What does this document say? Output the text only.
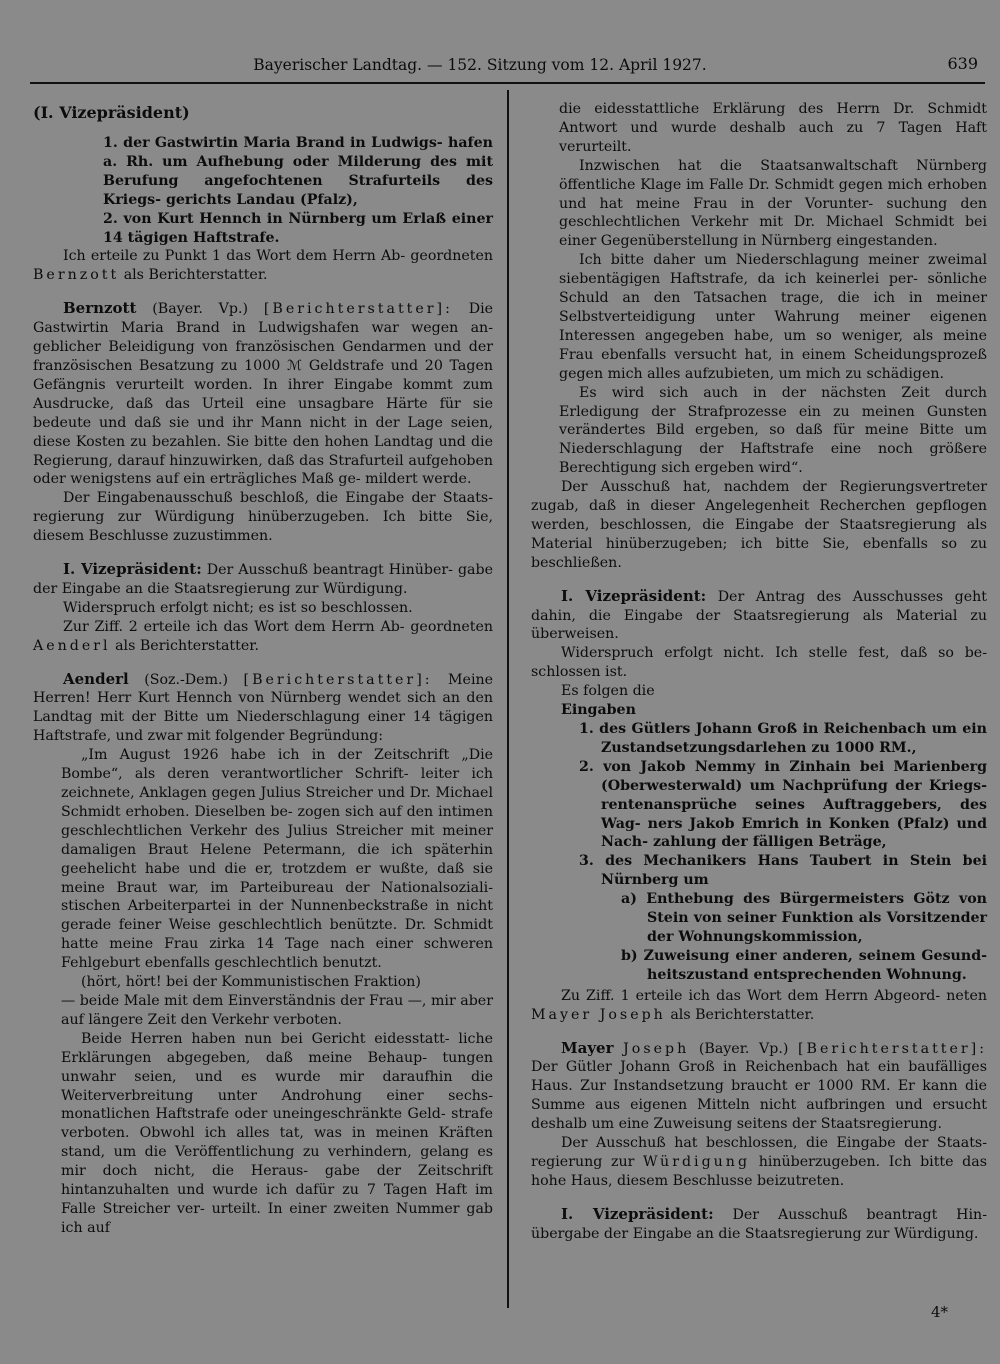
Bayerischer Landtag. — 152. Sitzung vom 12. April 1927.	639
(I. Vizepräsident)
1. der Gastwirtin Maria Brand in Ludwigs- hafen a. Rh. um Aufhebung oder Milderung des mit Berufung angefochtenen Strafurteils des Kriegs- gerichts Landau (Pfalz),
2. von Kurt Hennch in Nürnberg um Erlaß einer 14 tägigen Haftstrafe.

Ich erteile zu Punkt 1 das Wort dem Herrn Ab- geordneten Bernzott als Berichterstatter.

Bernzott (Bayer. Vp.) [Berichterstatter]: Die Gastwirtin Maria Brand in Ludwigshafen war wegen an- geblicher Beleidigung von französischen Gendarmen und der französischen Besatzung zu 1000 ℳ Geldstrafe und 20 Tagen Gefängnis verurteilt worden. In ihrer Eingabe kommt zum Ausdrucke, daß das Urteil eine unsagbare Härte für sie bedeute und daß sie und ihr Mann nicht in der Lage seien, diese Kosten zu bezahlen. Sie bitte den hohen Landtag und die Regierung, darauf hinzuwirken, daß das Strafurteil aufgehoben oder wenigstens auf ein erträgliches Maß ge- mildert werde.

Der Eingabenausschuß beschloß, die Eingabe der Staats- regierung zur Würdigung hinüberzugeben. Ich bitte Sie, diesem Beschlusse zuzustimmen.

I. Vizepräsident: Der Ausschuß beantragt Hinüber- gabe der Eingabe an die Staatsregierung zur Würdigung.

Widerspruch erfolgt nicht; es ist so beschlossen.

Zur Ziff. 2 erteile ich das Wort dem Herrn Ab- geordneten Aenderl als Berichterstatter.

Aenderl (Soz.-Dem.) [Berichterstatter]: Meine Herren! Herr Kurt Hennch von Nürnberg wendet sich an den Landtag mit der Bitte um Niederschlagung einer 14 tägigen Haftstrafe, und zwar mit folgender Begründung:

„Im August 1926 habe ich in der Zeitschrift „Die Bombe“, als deren verantwortlicher Schrift- leiter ich zeichnete, Anklagen gegen Julius Streicher und Dr. Michael Schmidt erhoben. Dieselben be- zogen sich auf den intimen geschlechtlichen Verkehr des Julius Streicher mit meiner damaligen Braut Helene Petermann, die ich späterhin geehelicht habe und die er, trotzdem er wußte, daß sie meine Braut war, im Parteibureau der Nationalsoziali- stischen Arbeiterpartei in der Nunnenbeckstraße in nicht gerade feiner Weise geschlechtlich benützte. Dr. Schmidt hatte meine Frau zirka 14 Tage nach einer schweren Fehlgeburt ebenfalls geschlechtlich benutzt.

(hört, hört! bei der Kommunistischen Fraktion)

— beide Male mit dem Einverständnis der Frau —, mir aber auf längere Zeit den Verkehr verboten.

Beide Herren haben nun bei Gericht eidesstatt- liche Erklärungen abgegeben, daß meine Behaup- tungen unwahr seien, und es wurde mir daraufhin die Weiterverbreitung unter Androhung einer sechs- monatlichen Haftstrafe oder uneingeschränkte Geld- strafe verboten. Obwohl ich alles tat, was in meinen Kräften stand, um die Veröffentlichung zu verhindern, gelang es mir doch nicht, die Heraus- gabe der Zeitschrift hintanzuhalten und wurde ich dafür zu 7 Tagen Haft im Falle Streicher ver- urteilt. In einer zweiten Nummer gab ich auf

die eidesstattliche Erklärung des Herrn Dr. Schmidt Antwort und wurde deshalb auch zu 7 Tagen Haft verurteilt.

Inzwischen hat die Staatsanwaltschaft Nürnberg öffentliche Klage im Falle Dr. Schmidt gegen mich erhoben und hat meine Frau in der Vorunter- suchung den geschlechtlichen Verkehr mit Dr. Michael Schmidt bei einer Gegenüberstellung in Nürnberg eingestanden.

Ich bitte daher um Niederschlagung meiner zweimal siebentägigen Haftstrafe, da ich keinerlei per- sönliche Schuld an den Tatsachen trage, die ich in meiner Selbstverteidigung unter Wahrung meiner eigenen Interessen angegeben habe, um so weniger, als meine Frau ebenfalls versucht hat, in einem Scheidungsprozeß gegen mich alles aufzubieten, um mich zu schädigen.

Es wird sich auch in der nächsten Zeit durch Erledigung der Strafprozesse ein zu meinen Gunsten verändertes Bild ergeben, so daß für meine Bitte um Niederschlagung der Haftstrafe eine noch größere Berechtigung sich ergeben wird“.

Der Ausschuß hat, nachdem der Regierungsvertreter zugab, daß in dieser Angelegenheit Recherchen gepflogen werden, beschlossen, die Eingabe der Staatsregierung als Material hinüberzugeben; ich bitte Sie, ebenfalls so zu beschließen.

I. Vizepräsident: Der Antrag des Ausschusses geht dahin, die Eingabe der Staatsregierung als Material zu überweisen.

Widerspruch erfolgt nicht. Ich stelle fest, daß so be- schlossen ist.

Es folgen die

Eingaben
1. des Gütlers Johann Groß in Reichenbach um ein Zustandsetzungsdarlehen zu 1000 RM.,
2. von Jakob Nemmy in Zinhain bei Marienberg (Oberwesterwald) um Nachprüfung der Kriegs- rentenansprüche seines Auftraggebers, des Wag- ners Jakob Emrich in Konken (Pfalz) und Nach- zahlung der fälligen Beträge,
3. des Mechanikers Hans Taubert in Stein bei Nürnberg um
a) Enthebung des Bürgermeisters Götz von Stein von seiner Funktion als Vorsitzender der Wohnungskommission,
b) Zuweisung einer anderen, seinem Gesund- heitszustand entsprechenden Wohnung.

Zu Ziff. 1 erteile ich das Wort dem Herrn Abgeord- neten Mayer Joseph als Berichterstatter.

Mayer Joseph (Bayer. Vp.) [Berichterstatter]: Der Gütler Johann Groß in Reichenbach hat ein baufälliges Haus. Zur Instandsetzung braucht er 1000 RM. Er kann die Summe aus eigenen Mitteln nicht aufbringen und ersucht deshalb um eine Zuweisung seitens der Staatsregierung.

Der Ausschuß hat beschlossen, die Eingabe der Staats- regierung zur Würdigung hinüberzugeben. Ich bitte das hohe Haus, diesem Beschlusse beizutreten.

I. Vizepräsident: Der Ausschuß beantragt Hin- übergabe der Eingabe an die Staatsregierung zur Würdigung.

4*
